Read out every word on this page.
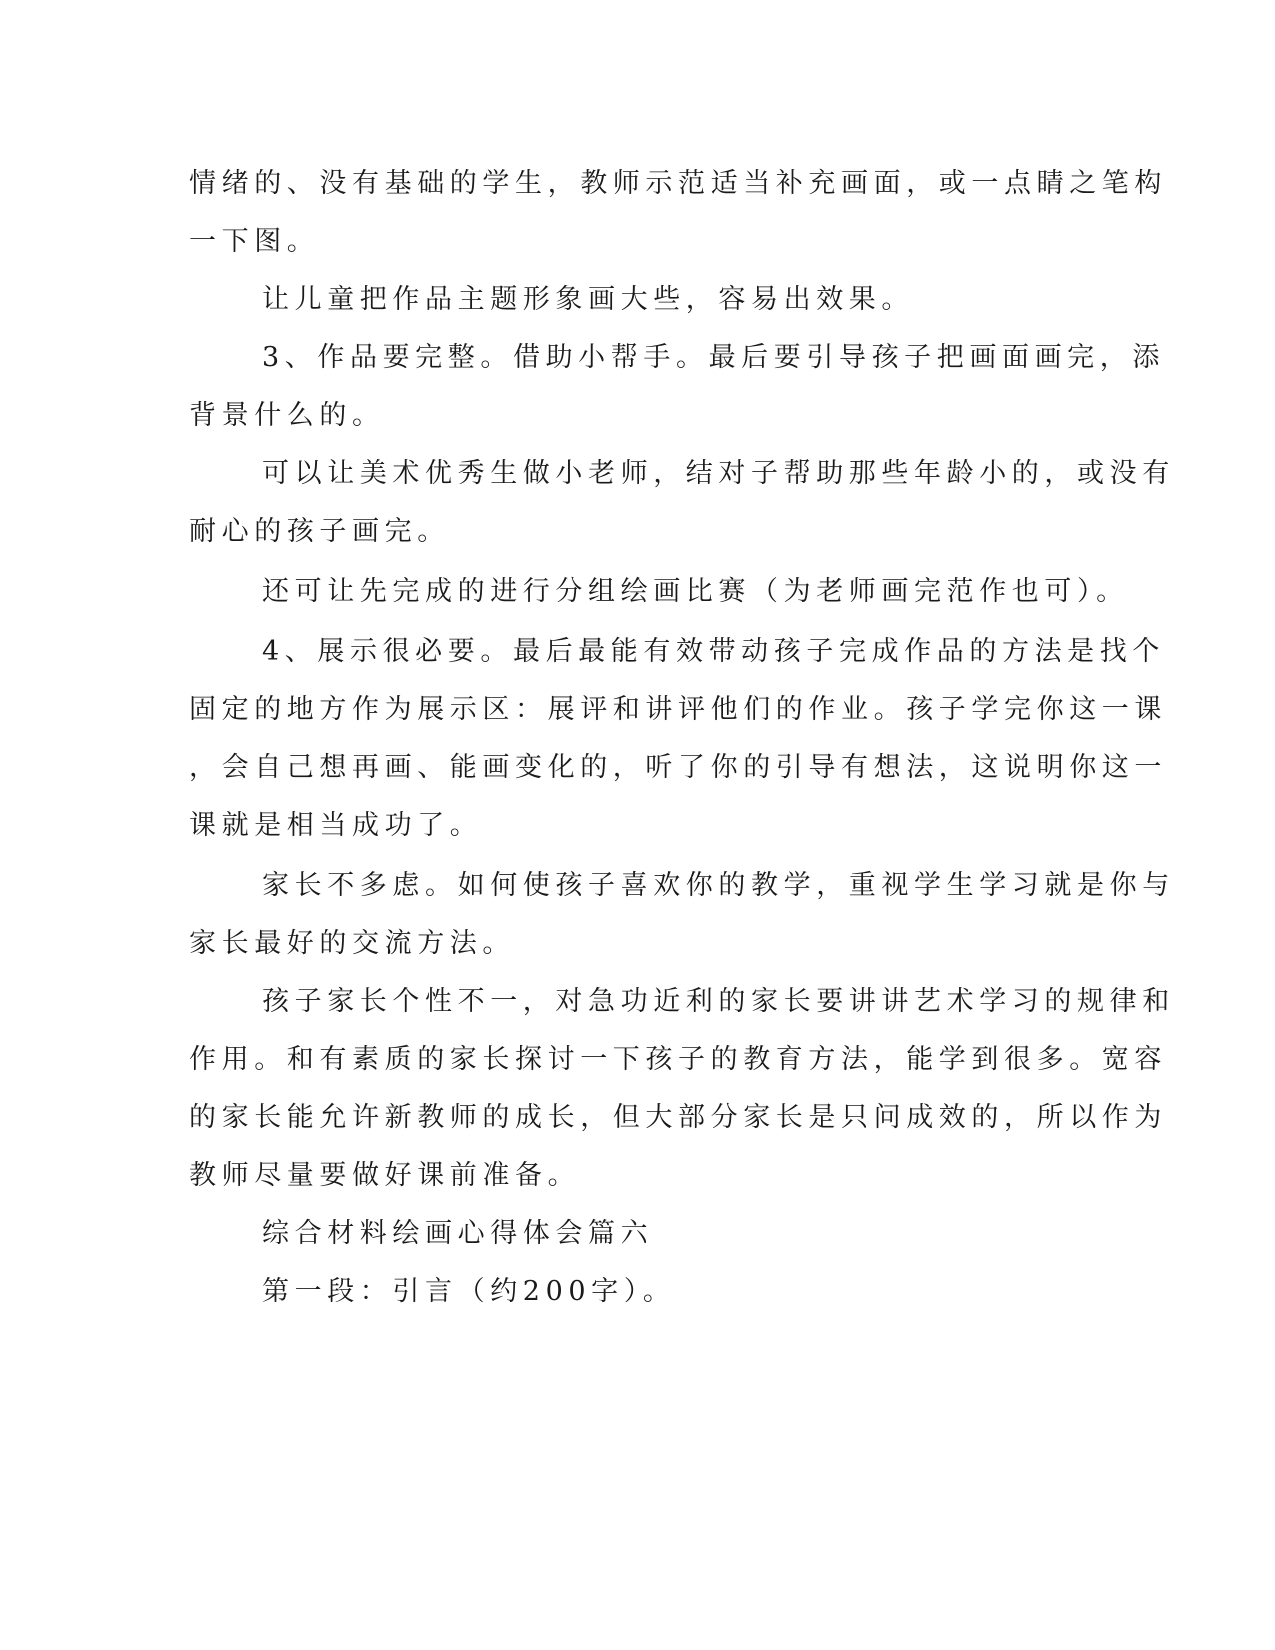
情绪的、没有基础的学生，教师示范适当补充画面，或一点睛之笔构
一下图。
让儿童把作品主题形象画大些，容易出效果。
3、作品要完整。借助小帮手。最后要引导孩子把画面画完，添
背景什么的。
可以让美术优秀生做小老师，结对子帮助那些年龄小的，或没有
耐心的孩子画完。
还可让先完成的进行分组绘画比赛（为老师画完范作也可）。
4、展示很必要。最后最能有效带动孩子完成作品的方法是找个
固定的地方作为展示区：展评和讲评他们的作业。孩子学完你这一课
，会自己想再画、能画变化的，听了你的引导有想法，这说明你这一
课就是相当成功了。
家长不多虑。如何使孩子喜欢你的教学，重视学生学习就是你与
家长最好的交流方法。
孩子家长个性不一，对急功近利的家长要讲讲艺术学习的规律和
作用。和有素质的家长探讨一下孩子的教育方法，能学到很多。宽容
的家长能允许新教师的成长，但大部分家长是只问成效的，所以作为
教师尽量要做好课前准备。
综合材料绘画心得体会篇六
第一段：引言（约200字）。
